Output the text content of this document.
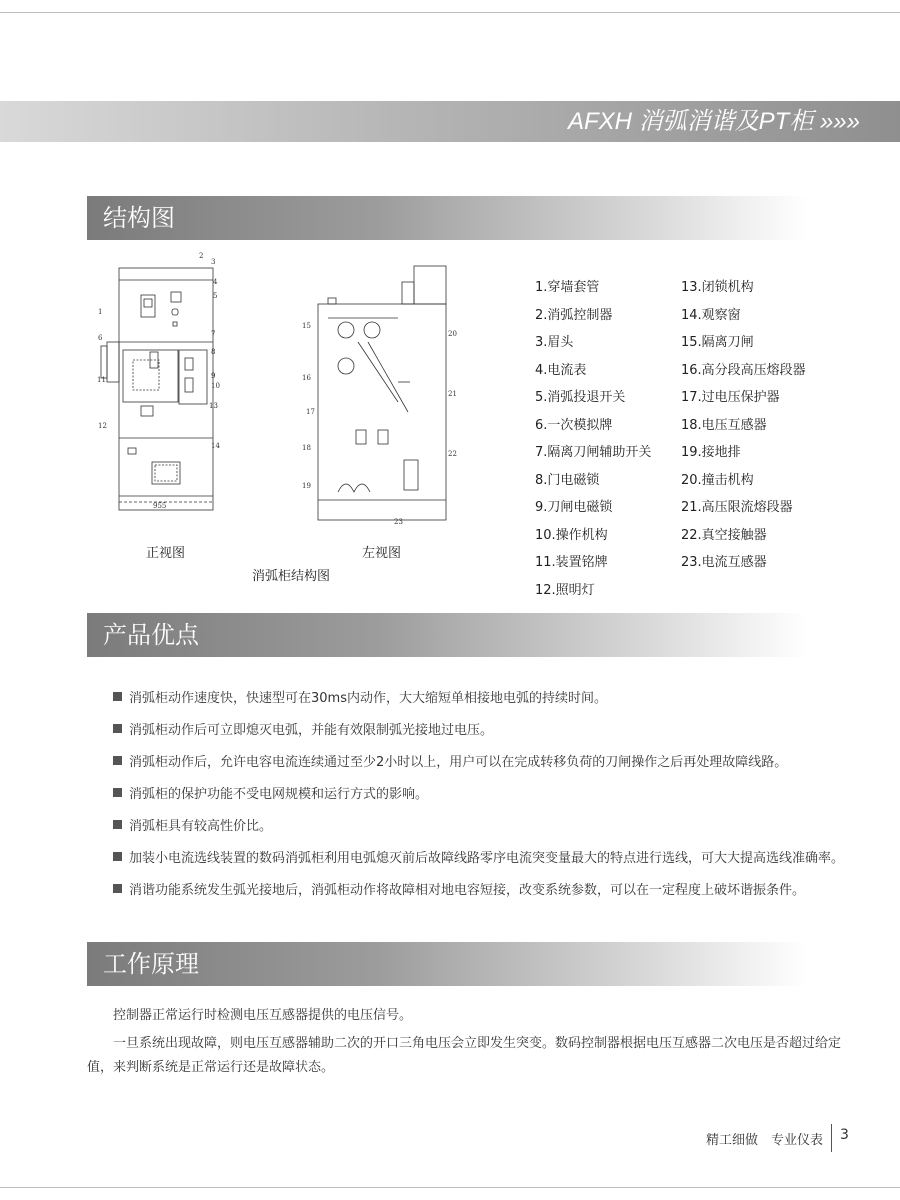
AFXH 消弧消谐及PT柜 »»»
结构图
2
3
4
5
1
6	7
8
9
10
11
13
12
14
955
15
16
17
18
19
20
21
22
23
正视图	左视图
消弧柜结构图
1.穿墙套管
2.消弧控制器
3.眉头
4.电流表
5.消弧投退开关
6.一次模拟牌
7.隔离刀闸辅助开关
8.门电磁锁
9.刀闸电磁锁
10.操作机构
11.装置铭牌
12.照明灯
13.闭锁机构
14.观察窗
15.隔离刀闸
16.高分段高压熔段器
17.过电压保护器
18.电压互感器
19.接地排
20.撞击机构
21.高压限流熔段器
22.真空接触器
23.电流互感器
产品优点

消弧柜动作速度快，快速型可在30ms内动作，大大缩短单相接地电弧的持续时间。

消弧柜动作后可立即熄灭电弧，并能有效限制弧光接地过电压。

消弧柜动作后，允许电容电流连续通过至少2小时以上，用户可以在完成转移负荷的刀闸操作之后再处理故障线路。

消弧柜的保护功能不受电网规模和运行方式的影响。

消弧柜具有较高性价比。

加装小电流选线装置的数码消弧柜利用电弧熄灭前后故障线路零序电流突变量最大的特点进行选线，可大大提高选线准确率。

消谐功能系统发生弧光接地后，消弧柜动作将故障相对地电容短接，改变系统参数，可以在一定程度上破坏谐振条件。

工作原理

控制器正常运行时检测电压互感器提供的电压信号。

一旦系统出现故障，则电压互感器辅助二次的开口三角电压会立即发生突变。数码控制器根据电压互感器二次电压是否超过给定值，来判断系统是正常运行还是故障状态。

精工细做　专业仪表 3
